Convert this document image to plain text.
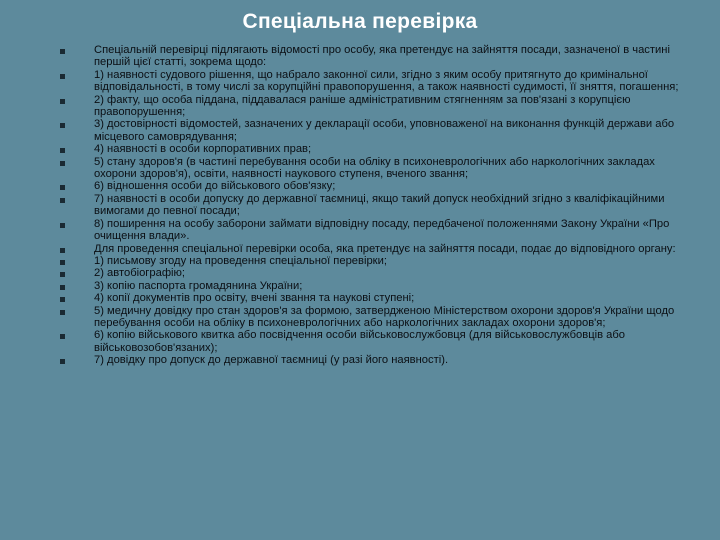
Спеціальна перевірка
Спеціальній перевірці підлягають відомості про особу, яка претендує на зайняття посади, зазначеної в частині першій цієї статті, зокрема щодо:
1) наявності судового рішення, що набрало законної сили, згідно з яким особу притягнуто до кримінальної відповідальності, в тому числі за корупційні правопорушення, а також наявності судимості, її зняття, погашення;
2) факту, що особа піддана, піддавалася раніше адміністративним стягненням за пов'язані з корупцією правопорушення;
3) достовірності відомостей, зазначених у декларації особи, уповноваженої на виконання функцій держави або місцевого самоврядування;
4) наявності в особи корпоративних прав;
5) стану здоров'я (в частині перебування особи на обліку в психоневрологічних або наркологічних закладах охорони здоров'я), освіти, наявності наукового ступеня, вченого звання;
6) відношення особи до військового обов'язку;
7) наявності в особи допуску до державної таємниці, якщо такий допуск необхідний згідно з кваліфікаційними вимогами до певної посади;
8) поширення на особу заборони займати відповідну посаду, передбаченої положеннями Закону України «Про очищення влади».
Для проведення спеціальної перевірки особа, яка претендує на зайняття посади, подає до відповідного органу:
1) письмову згоду на проведення спеціальної перевірки;
2) автобіографію;
3) копію паспорта громадянина України;
4) копії документів про освіту, вчені звання та наукові ступені;
5) медичну довідку про стан здоров'я за формою, затвердженою Міністерством охорони здоров'я України щодо перебування особи на обліку в психоневрологічних або наркологічних закладах охорони здоров'я;
6) копію військового квитка або посвідчення особи військовослужбовця (для військовослужбовців або військовозобов'язаних);
7) довідку про допуск до державної таємниці (у разі його наявності).
